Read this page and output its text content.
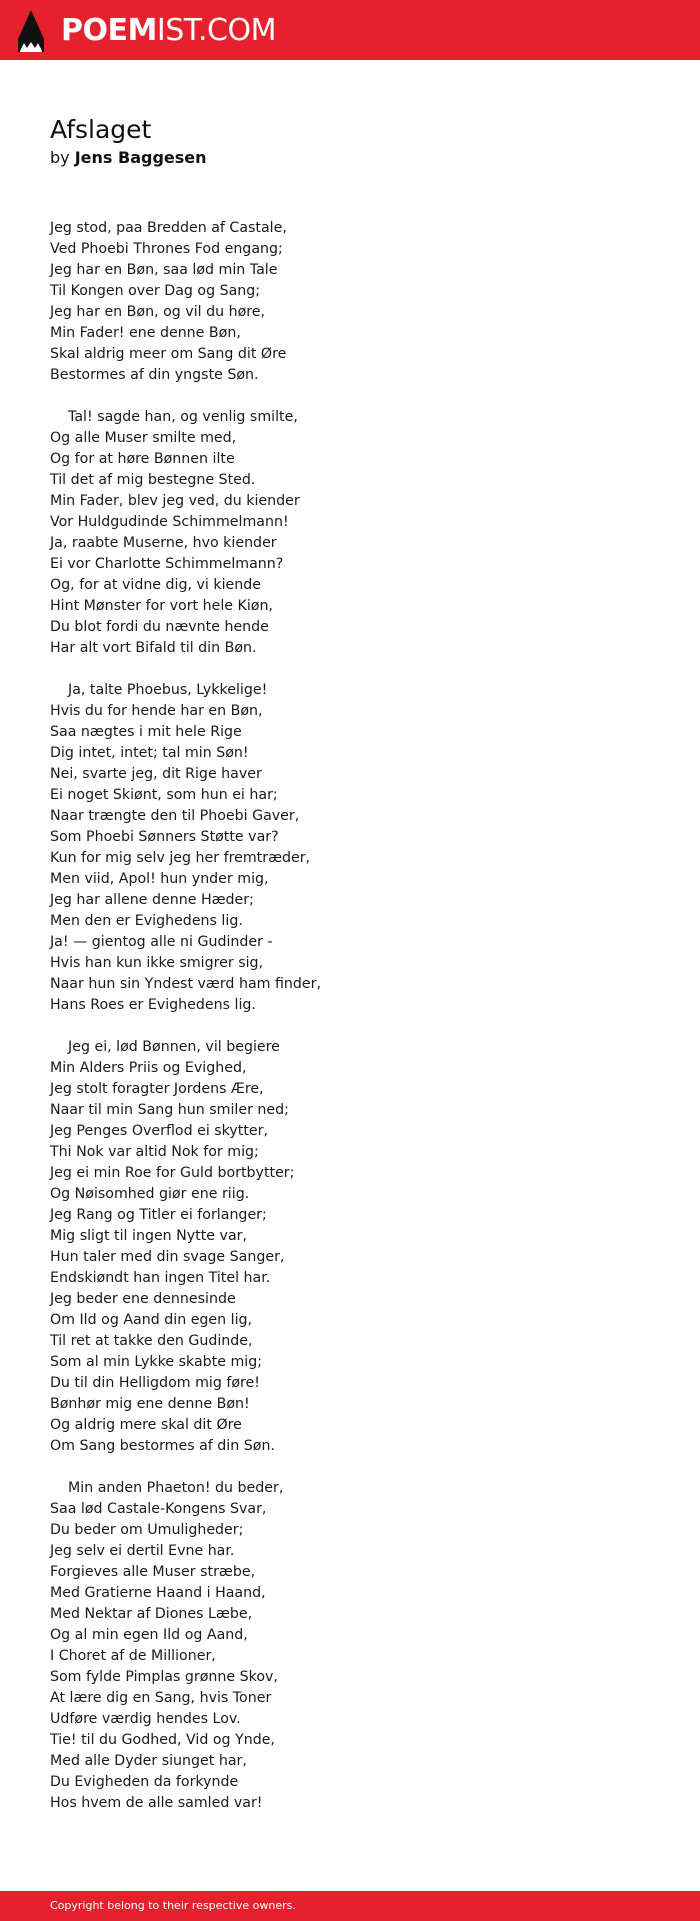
POEMIST.COM
Afslaget
by Jens Baggesen
Jeg stod, paa Bredden af Castale,
Ved Phoebi Thrones Fod engang;
Jeg har en Bøn, saa lød min Tale
Til Kongen over Dag og Sang;
Jeg har en Bøn, og vil du høre,
Min Fader! ene denne Bøn,
Skal aldrig meer om Sang dit Øre
Bestormes af din yngste Søn.
Tal! sagde han, og venlig smilte,
Og alle Muser smilte med,
Og for at høre Bønnen ilte
Til det af mig bestegne Sted.
Min Fader, blev jeg ved, du kiender
Vor Huldgudinde Schimmelmann!
Ja, raabte Muserne, hvo kiender
Ei vor Charlotte Schimmelmann?
Og, for at vidne dig, vi kiende
Hint Mønster for vort hele Kiøn,
Du blot fordi du nævnte hende
Har alt vort Bifald til din Bøn.
Ja, talte Phoebus, Lykkelige!
Hvis du for hende har en Bøn,
Saa nægtes i mit hele Rige
Dig intet, intet; tal min Søn!
Nei, svarte jeg, dit Rige haver
Ei noget Skiønt, som hun ei har;
Naar trængte den til Phoebi Gaver,
Som Phoebi Sønners Støtte var?
Kun for mig selv jeg her fremtræder,
Men viid, Apol! hun ynder mig,
Jeg har allene denne Hæder;
Men den er Evighedens lig.
Ja! — gientog alle ni Gudinder -
Hvis han kun ikke smigrer sig,
Naar hun sin Yndest værd ham finder,
Hans Roes er Evighedens lig.
Jeg ei, lød Bønnen, vil begiere
Min Alders Priis og Evighed,
Jeg stolt foragter Jordens Ære,
Naar til min Sang hun smiler ned;
Jeg Penges Overflod ei skytter,
Thi Nok var altid Nok for mig;
Jeg ei min Roe for Guld bortbytter;
Og Nøisomhed giør ene riig.
Jeg Rang og Titler ei forlanger;
Mig sligt til ingen Nytte var,
Hun taler med din svage Sanger,
Endskiøndt han ingen Titel har.
Jeg beder ene dennesinde
Om Ild og Aand din egen lig,
Til ret at takke den Gudinde,
Som al min Lykke skabte mig;
Du til din Helligdom mig føre!
Bønhør mig ene denne Bøn!
Og aldrig mere skal dit Øre
Om Sang bestormes af din Søn.
Min anden Phaeton! du beder,
Saa lød Castale-Kongens Svar,
Du beder om Umuligheder;
Jeg selv ei dertil Evne har.
Forgieves alle Muser stræbe,
Med Gratierne Haand i Haand,
Med Nektar af Diones Læbe,
Og al min egen Ild og Aand,
I Choret af de Millioner,
Som fylde Pimplas grønne Skov,
At lære dig en Sang, hvis Toner
Udføre værdig hendes Lov.
Tie! til du Godhed, Vid og Ynde,
Med alle Dyder siunget har,
Du Evigheden da forkynde
Hos hvem de alle samled var!
Copyright belong to their respective owners.
